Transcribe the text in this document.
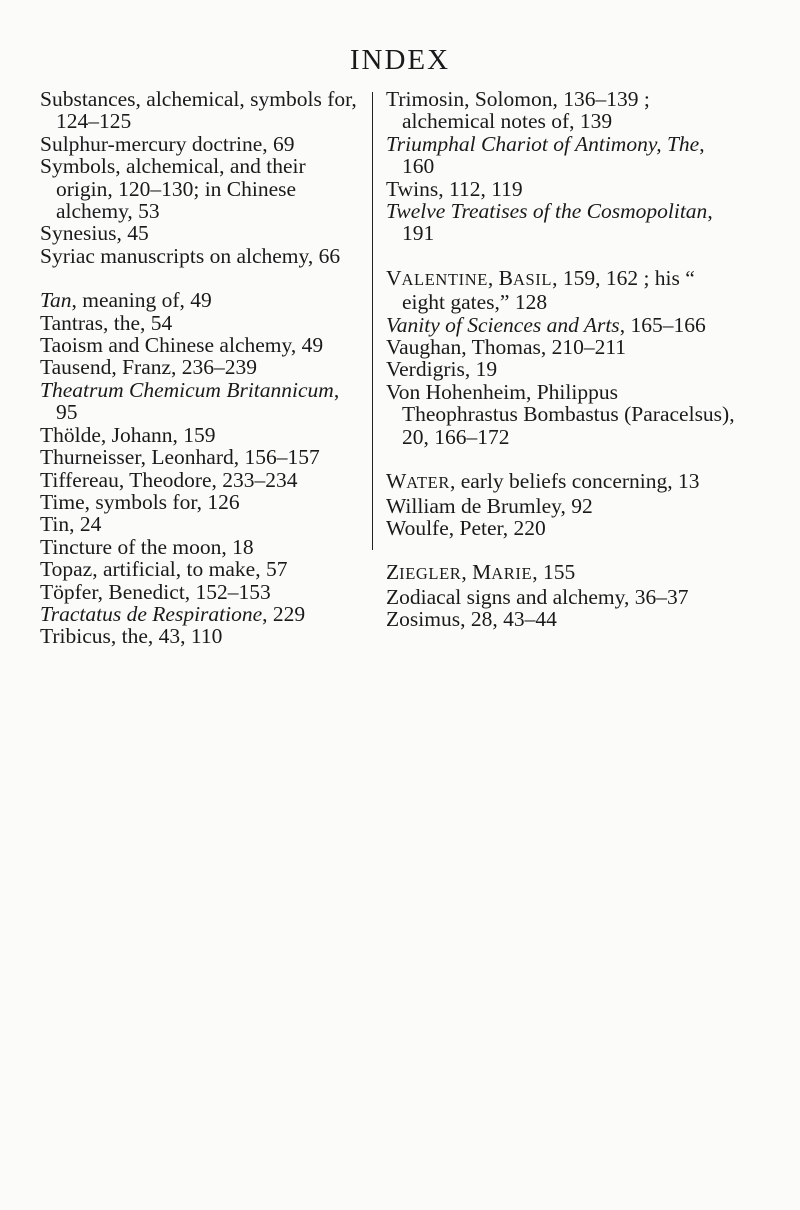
INDEX

Substances, alchemical, symbols for, 124–125

Sulphur-mercury doctrine, 69

Symbols, alchemical, and their origin, 120–130; in Chinese alchemy, 53

Synesius, 45

Syriac manuscripts on alchemy, 66

Tan, meaning of, 49

Tantras, the, 54

Taoism and Chinese alchemy, 49

Tausend, Franz, 236–239

Theatrum Chemicum Britannicum, 95

Thölde, Johann, 159

Thurneisser, Leonhard, 156–157

Tiffereau, Theodore, 233–234

Time, symbols for, 126

Tin, 24

Tincture of the moon, 18

Topaz, artificial, to make, 57

Töpfer, Benedict, 152–153

Tractatus de Respiratione, 229

Tribicus, the, 43, 110

Trimosin, Solomon, 136–139 ; alchemical notes of, 139

Triumphal Chariot of Antimony, The, 160

Twins, 112, 119

Twelve Treatises of the Cosmopolitan, 191

VALENTINE, BASIL, 159, 162 ; his “ eight gates,” 128

Vanity of Sciences and Arts, 165–166

Vaughan, Thomas, 210–211

Verdigris, 19

Von Hohenheim, Philippus Theophrastus Bombastus (Paracelsus), 20, 166–172

WATER, early beliefs concerning, 13

William de Brumley, 92

Woulfe, Peter, 220

ZIEGLER, MARIE, 155

Zodiacal signs and alchemy, 36–37

Zosimus, 28, 43–44
